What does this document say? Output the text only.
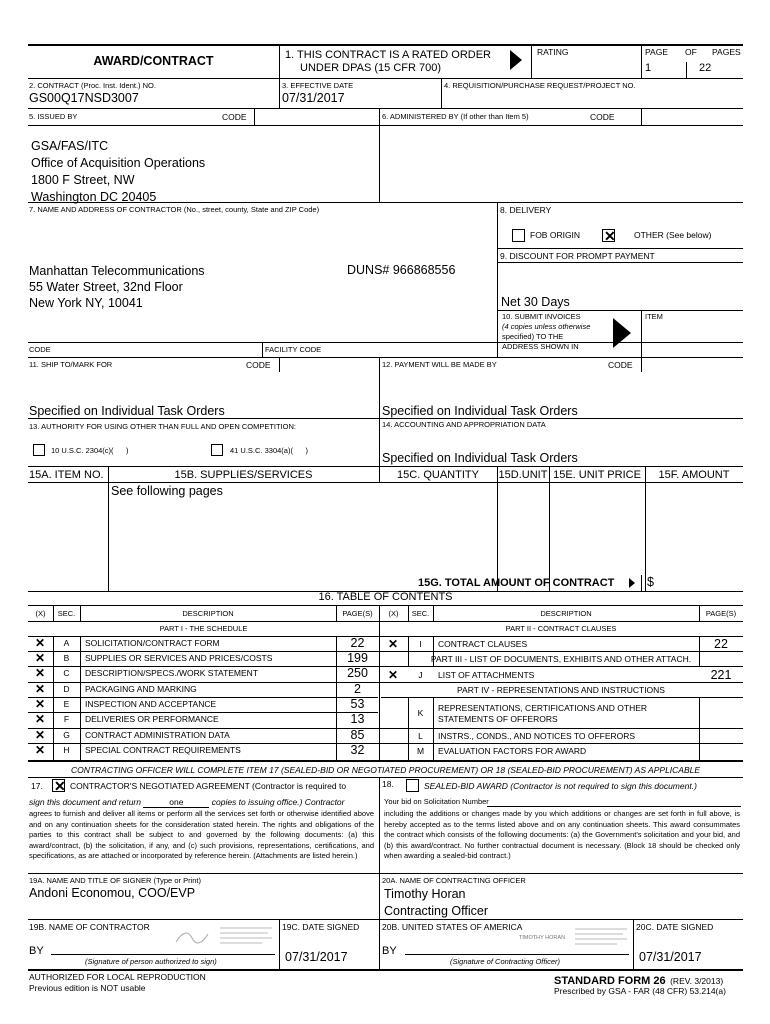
AWARD/CONTRACT	1. THIS CONTRACT IS A RATED ORDER
UNDER DPAS (15 CFR 700)
RATING	PAGE OF PAGES
1	22
2. CONTRACT (Proc. Inst. Ident.) NO.
GS00Q17NSD3007
3. EFFECTIVE DATE
07/31/2017
4. REQUISITION/PURCHASE REQUEST/PROJECT NO.
5. ISSUED BY	CODE	6. ADMINISTERED BY (If other than Item 5)	CODE
GSA/FAS/ITC
Office of Acquisition Operations
1800 F Street, NW
Washington DC 20405
7. NAME AND ADDRESS OF CONTRACTOR (No., street, county, State and ZIP Code)
Manhattan Telecommunications
55 Water Street, 32nd Floor
New York NY, 10041
DUNS# 966868556
CODE	FACILITY CODE
8. DELIVERY
FOB ORIGIN ✕ OTHER (See below)
9. DISCOUNT FOR PROMPT PAYMENT
Net 30 Days
10. SUBMIT INVOICES
(4 copies unless otherwise
specified) TO THE
ADDRESS SHOWN IN
ITEM
11. SHIP TO/MARK FOR	CODE
Specified on Individual Task Orders
12. PAYMENT WILL BE MADE BY	CODE
Specified on Individual Task Orders
13. AUTHORITY FOR USING OTHER THAN FULL AND OPEN COMPETITION:
10 U.S.C. 2304(c)(      )	41 U.S.C. 3304(a)(      )
14. ACCOUNTING AND APPROPRIATION DATA
Specified on Individual Task Orders
15A. ITEM NO.	15B. SUPPLIES/SERVICES	15C. QUANTITY	15D.UNIT 15E. UNIT PRICE	15F. AMOUNT
See following pages
15G. TOTAL AMOUNT OF CONTRACT	$
16. TABLE OF CONTENTS
(X)	SEC.	DESCRIPTION	PAGE(S)	(X)	SEC.	DESCRIPTION	PAGE(S)
PART I - THE SCHEDULE	PART II - CONTRACT CLAUSES
✕	A	SOLICITATION/CONTRACT FORM	22
✕	B	SUPPLIES OR SERVICES AND PRICES/COSTS	199
✕	C	DESCRIPTION/SPECS./WORK STATEMENT	250
✕	D	PACKAGING AND MARKING	2
✕	E	INSPECTION AND ACCEPTANCE	53
✕	F	DELIVERIES OR PERFORMANCE	13
✕	G	CONTRACT ADMINISTRATION DATA	85
✕	H	SPECIAL CONTRACT REQUIREMENTS	32
✕	I	CONTRACT CLAUSES	22
PART III - LIST OF DOCUMENTS, EXHIBITS AND OTHER ATTACH.
✕	J	LIST OF ATTACHMENTS	221
PART IV - REPRESENTATIONS AND INSTRUCTIONS
K	REPRESENTATIONS, CERTIFICATIONS AND OTHER
STATEMENTS OF OFFERORS
L	INSTRS., CONDS., AND NOTICES TO OFFERORS
M	EVALUATION FACTORS FOR AWARD
CONTRACTING OFFICER WILL COMPLETE ITEM 17 (SEALED-BID OR NEGOTIATED PROCUREMENT) OR 18 (SEALED-BID PROCUREMENT) AS APPLICABLE
17. ✕ CONTRACTOR'S NEGOTIATED AGREEMENT (Contractor is required to
sign this document and return	one	copies to issuing office.) Contractor
agrees to furnish and deliver all items or perform all the services set forth or otherwise identified above and on any continuation sheets for the consideration stated herein. The rights and obligations of the parties to this contract shall be subject to and governed by the following documents: (a) this award/contract, (b) the solicitation, if any, and (c) such provisions, representations, certifications, and specifications, as are attached or incorporated by reference herein. (Attachments are listed herein.)
18.	SEALED-BID AWARD (Contractor is not required to sign this document.)
Your bid on Solicitation Number
including the additions or changes made by you which additions or changes are set forth in full above, is hereby accepted as to the terms listed above and on any continuation sheets. This award consummates the contract which consists of the following documents: (a) the Government's solicitation and your bid, and (b) this award/contract. No further contractual document is necessary. (Block 18 should be checked only when awarding a sealed-bid contract.)
19A. NAME AND TITLE OF SIGNER (Type or Print)
Andoni Economou, COO/EVP
20A. NAME OF CONTRACTING OFFICER
Timothy Horan
Contracting Officer
19B. NAME OF CONTRACTOR	19C. DATE SIGNED	20B. UNITED STATES OF AMERICA	20C. DATE SIGNED
BY
(Signature of person authorized to sign)	07/31/2017
TIMOTHY HORAN
BY
(Signature of Contracting Officer)	07/31/2017
AUTHORIZED FOR LOCAL REPRODUCTION
Previous edition is NOT usable
STANDARD FORM 26 (REV. 3/2013)
Prescribed by GSA - FAR (48 CFR) 53.214(a)
